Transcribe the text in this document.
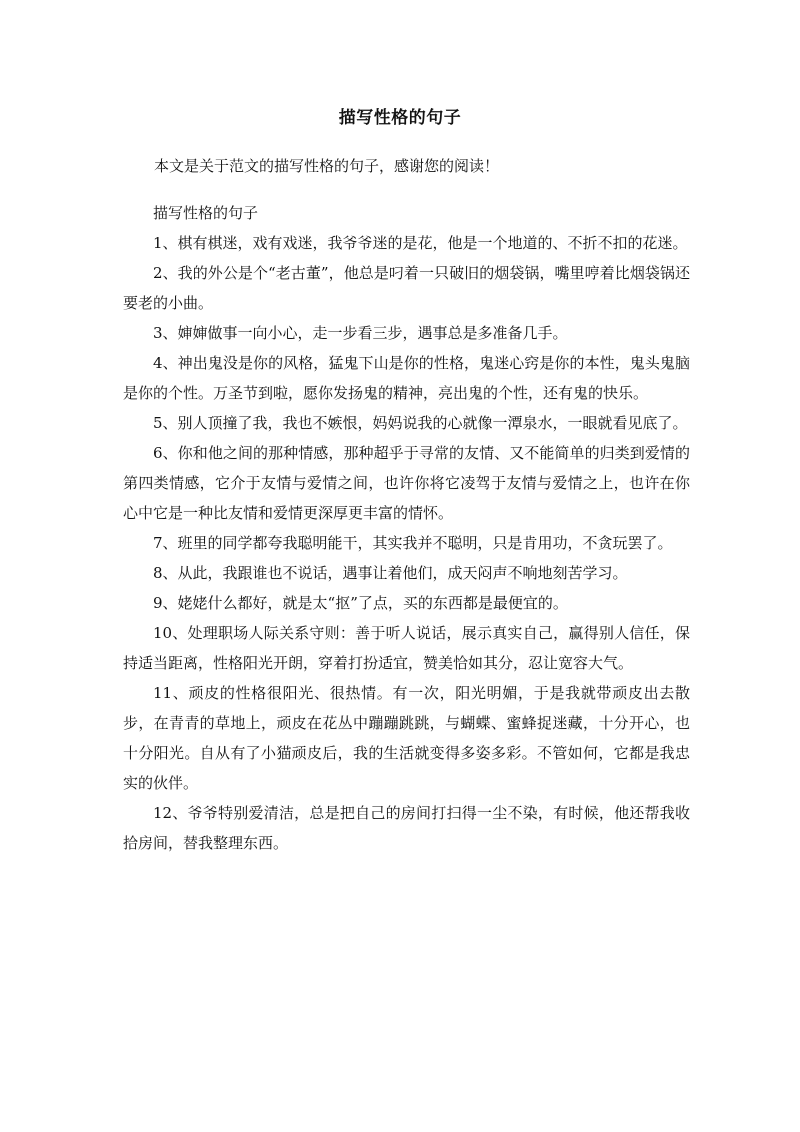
描写性格的句子

本文是关于范文的描写性格的句子，感谢您的阅读！

描写性格的句子

1、棋有棋迷，戏有戏迷，我爷爷迷的是花，他是一个地道的、不折不扣的花迷。

2、我的外公是个“老古董”，他总是叼着一只破旧的烟袋锅，嘴里哼着比烟袋锅还要老的小曲。

3、婶婶做事一向小心，走一步看三步，遇事总是多准备几手。

4、神出鬼没是你的风格，猛鬼下山是你的性格，鬼迷心窍是你的本性，鬼头鬼脑是你的个性。万圣节到啦，愿你发扬鬼的精神，亮出鬼的个性，还有鬼的快乐。

5、别人顶撞了我，我也不嫉恨，妈妈说我的心就像一潭泉水，一眼就看见底了。

6、你和他之间的那种情感，那种超乎于寻常的友情、又不能简单的归类到爱情的第四类情感，它介于友情与爱情之间，也许你将它凌驾于友情与爱情之上，也许在你心中它是一种比友情和爱情更深厚更丰富的情怀。

7、班里的同学都夸我聪明能干，其实我并不聪明，只是肯用功，不贪玩罢了。

8、从此，我跟谁也不说话，遇事让着他们，成天闷声不响地刻苦学习。

9、姥姥什么都好，就是太“抠”了点，买的东西都是最便宜的。

10、处理职场人际关系守则：善于听人说话，展示真实自己，赢得别人信任，保持适当距离，性格阳光开朗，穿着打扮适宜，赞美恰如其分，忍让宽容大气。

11、顽皮的性格很阳光、很热情。有一次，阳光明媚，于是我就带顽皮出去散步，在青青的草地上，顽皮在花丛中蹦蹦跳跳，与蝴蝶、蜜蜂捉迷藏，十分开心，也十分阳光。自从有了小猫顽皮后，我的生活就变得多姿多彩。不管如何，它都是我忠实的伙伴。

12、爷爷特别爱清洁，总是把自己的房间打扫得一尘不染，有时候，他还帮我收拾房间，替我整理东西。
